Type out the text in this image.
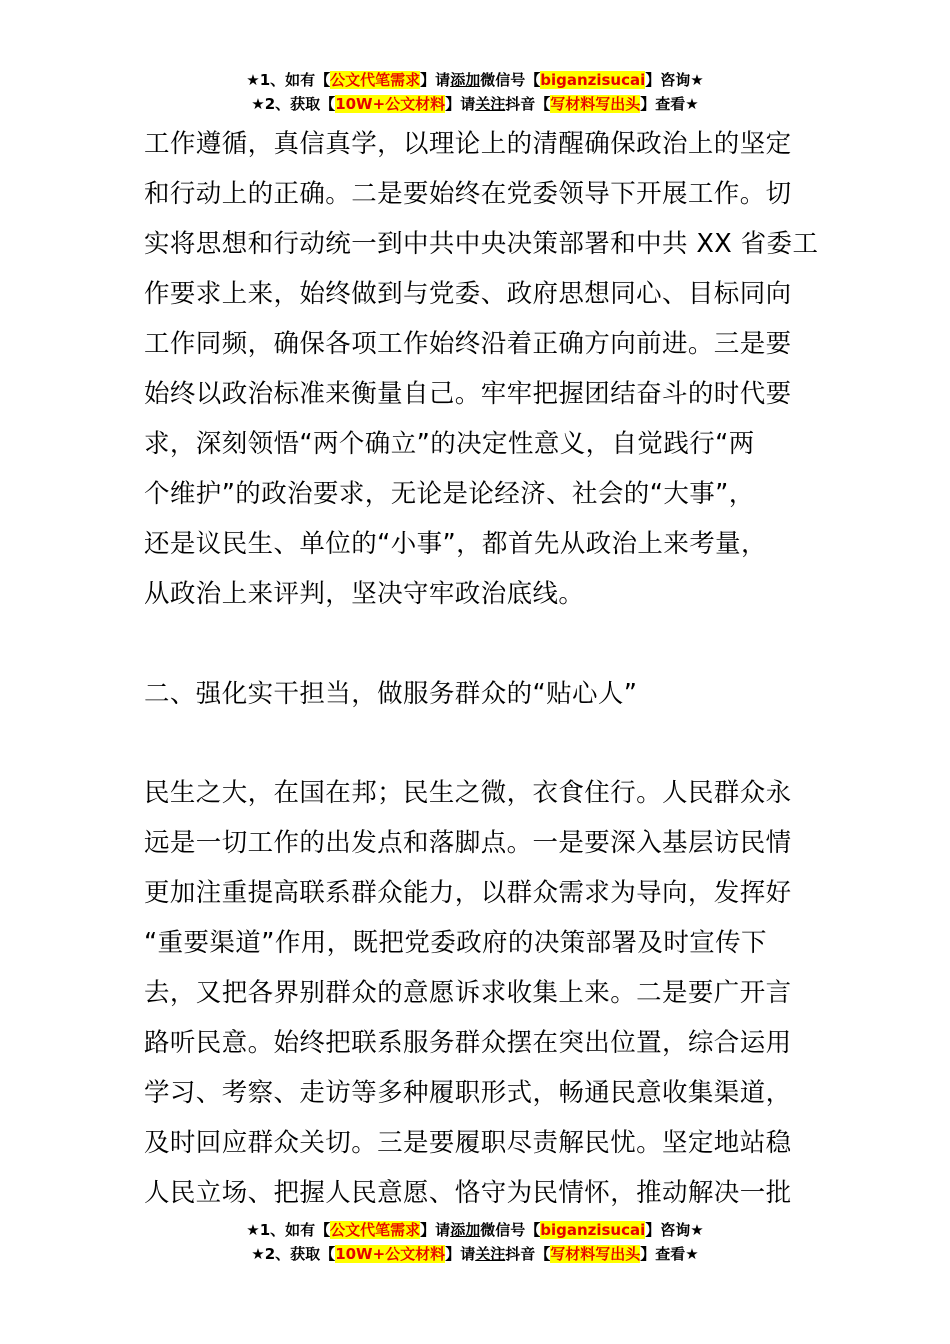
★1、如有【公文代笔需求】请添加微信号【biganzisucai】咨询★
★2、获取【10W+公文材料】请关注抖音【写材料写出头】查看★
工作遵循，真信真学，以理论上的清醒确保政治上的坚定
和行动上的正确。二是要始终在党委领导下开展工作。切
实将思想和行动统一到中共中央决策部署和中共 XX 省委工
作要求上来，始终做到与党委、政府思想同心、目标同向
工作同频，确保各项工作始终沿着正确方向前进。三是要
始终以政治标准来衡量自己。牢牢把握团结奋斗的时代要
求，深刻领悟“两个确立”的决定性意义，自觉践行“两
个维护”的政治要求，无论是论经济、社会的“大事”，
还是议民生、单位的“小事”，都首先从政治上来考量，
从政治上来评判，坚决守牢政治底线。
二、强化实干担当，做服务群众的“贴心人”
民生之大，在国在邦；民生之微，衣食住行。人民群众永
远是一切工作的出发点和落脚点。一是要深入基层访民情
更加注重提高联系群众能力，以群众需求为导向，发挥好
“重要渠道”作用，既把党委政府的决策部署及时宣传下
去，又把各界别群众的意愿诉求收集上来。二是要广开言
路听民意。始终把联系服务群众摆在突出位置，综合运用
学习、考察、走访等多种履职形式，畅通民意收集渠道，
及时回应群众关切。三是要履职尽责解民忧。坚定地站稳
人民立场、把握人民意愿、恪守为民情怀，推动解决一批
★1、如有【公文代笔需求】请添加微信号【biganzisucai】咨询★
★2、获取【10W+公文材料】请关注抖音【写材料写出头】查看★
